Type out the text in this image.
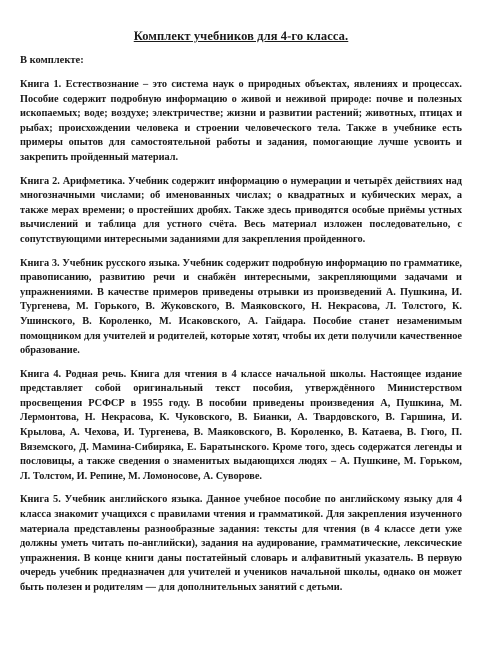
Комплект учебников для 4-го класса.
В комплекте:

Книга 1. Естествознание – это система наук о природных объектах, явлениях и процессах. Пособие содержит подробную информацию о живой и неживой природе: почве и полезных ископаемых; воде; воздухе; электричестве; жизни и развитии растений; животных, птицах и рыбах; происхождении человека и строении человеческого тела. Также в учебнике есть примеры опытов для самостоятельной работы и задания, помогающие лучше усвоить и закрепить пройденный материал.

Книга 2. Арифметика. Учебник содержит информацию о нумерации и четырёх действиях над многозначными числами; об именованных числах; о квадратных и кубических мерах, а также мерах времени; о простейших дробях. Также здесь приводятся особые приёмы устных вычислений и таблица для устного счёта. Весь материал изложен последовательно, с сопутствующими интересными заданиями для закрепления пройденного.

Книга 3. Учебник русского языка. Учебник содержит подробную информацию по грамматике, правописанию, развитию речи и снабжён интересными, закрепляющими задачами и упражнениями. В качестве примеров приведены отрывки из произведений А. Пушкина, И. Тургенева, М. Горького, В. Жуковского, В. Маяковского, Н. Некрасова, Л. Толстого, К. Ушинского, В. Короленко, М. Исаковского, А. Гайдара. Пособие станет незаменимым помощником для учителей и родителей, которые хотят, чтобы их дети получили качественное образование.

Книга 4. Родная речь. Книга для чтения в 4 классе начальной школы. Настоящее издание представляет собой оригинальный текст пособия, утверждённого Министерством просвещения РСФСР в 1955 году. В пособии приведены произведения А, Пушкина, М. Лермонтова, Н. Некрасова, К. Чуковского, В. Бианки, А. Твардовского, В. Гаршина, И. Крылова, А. Чехова, И. Тургенева, В. Маяковского, В. Короленко, В. Катаева, В. Гюго, П. Вяземского, Д. Мамина-Сибиряка, Е. Баратынского. Кроме того, здесь содержатся легенды и пословицы, а также сведения о знаменитых выдающихся людях – А. Пушкине, М. Горьком, Л. Толстом, И. Репине, М. Ломоносове, А. Суворове.

Книга 5. Учебник английского языка. Данное учебное пособие по английскому языку для 4 класса знакомит учащихся с правилами чтения и грамматикой. Для закрепления изученного материала представлены разнообразные задания: тексты для чтения (в 4 классе дети уже должны уметь читать по-английски), задания на аудирование, грамматические, лексические упражнения. В конце книги даны постатейный словарь и алфавитный указатель. В первую очередь учебник предназначен для учителей и учеников начальной школы, однако он может быть полезен и родителям — для дополнительных занятий с детьми.
